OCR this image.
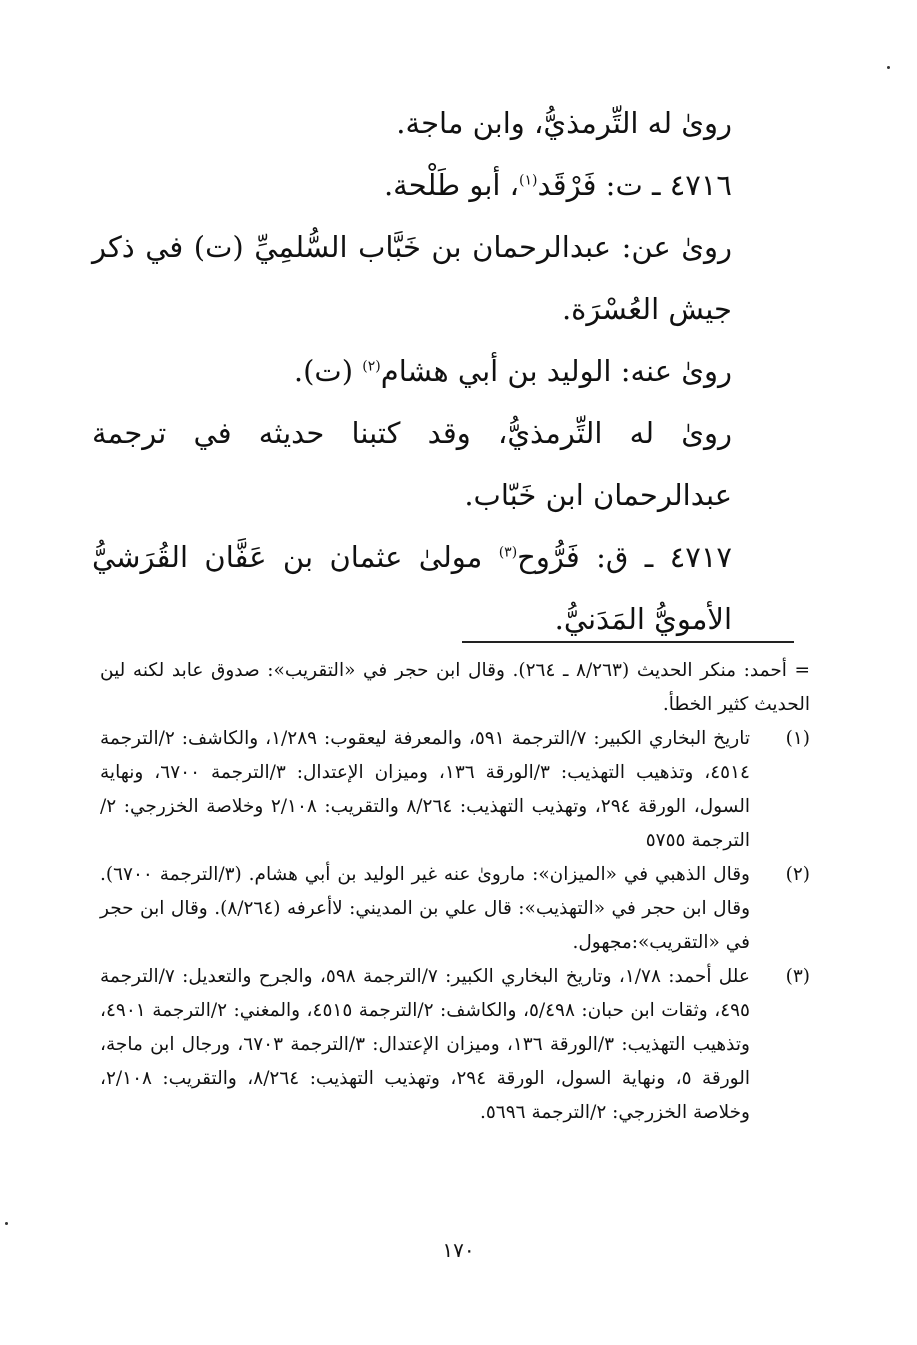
رویٰ له التِّرمذيُّ، وابن ماجة.

٤٧١٦ ـ ت: فَرْقَد$^{(١)}$، أبو طَلْحة.

رویٰ عن: عبدالرحمان بن خَبَّاب السُّلمِيِّ (ت) في ذكر جيش العُسْرَة.

رویٰ عنه: الوليد بن أبي هشام$^{(٢)}$ (ت).

رویٰ له التِّرمذيُّ، وقد كتبنا حديثه في ترجمة عبدالرحمان ابن خَبّاب.

٤٧١٧ ـ ق: فَرُّوح$^{(٣)}$ مولىٰ عثمان بن عَفَّان القُرَشيُّ الأمويُّ المَدَنيُّ.

= أحمد: منكر الحديث (٨/٢٦٣ ـ ٢٦٤). وقال ابن حجر في «التقريب»: صدوق عابد لكنه لين الحديث كثير الخطأ.

(١)
تاريخ البخاري الكبير: ٧/الترجمة ٥٩١، والمعرفة ليعقوب: ١/٢٨٩، والكاشف: ٢/الترجمة ٤٥١٤، وتذهيب التهذيب: ٣/الورقة ١٣٦، وميزان الإعتدال: ٣/الترجمة ٦٧٠٠، ونهاية السول، الورقة ٢٩٤، وتهذيب التهذيب: ٨/٢٦٤ والتقريب: ٢/١٠٨ وخلاصة الخزرجي: ٢/الترجمة ٥٧٥٥
(٢)
وقال الذهبي في «الميزان»: ماروىٰ عنه غير الوليد بن أبي هشام. (٣/الترجمة ٦٧٠٠). وقال ابن حجر في «التهذيب»: قال علي بن المديني: لاأعرفه (٨/٢٦٤). وقال ابن حجر في «التقريب»:مجهول.
(٣)
علل أحمد: ١/٧٨، وتاريخ البخاري الكبير: ٧/الترجمة ٥٩٨، والجرح والتعديل: ٧/الترجمة ٤٩٥، وثقات ابن حبان: ٥/٤٩٨، والكاشف: ٢/الترجمة ٤٥١٥، والمغني: ٢/الترجمة ٤٩٠١، وتذهيب التهذيب: ٣/الورقة ١٣٦، وميزان الإعتدال: ٣/الترجمة ٦٧٠٣، ورجال ابن ماجة، الورقة ٥، ونهاية السول، الورقة ٢٩٤، وتهذيب التهذيب: ٨/٢٦٤، والتقريب: ٢/١٠٨، وخلاصة الخزرجي: ٢/الترجمة ٥٦٩٦.
١٧٠
